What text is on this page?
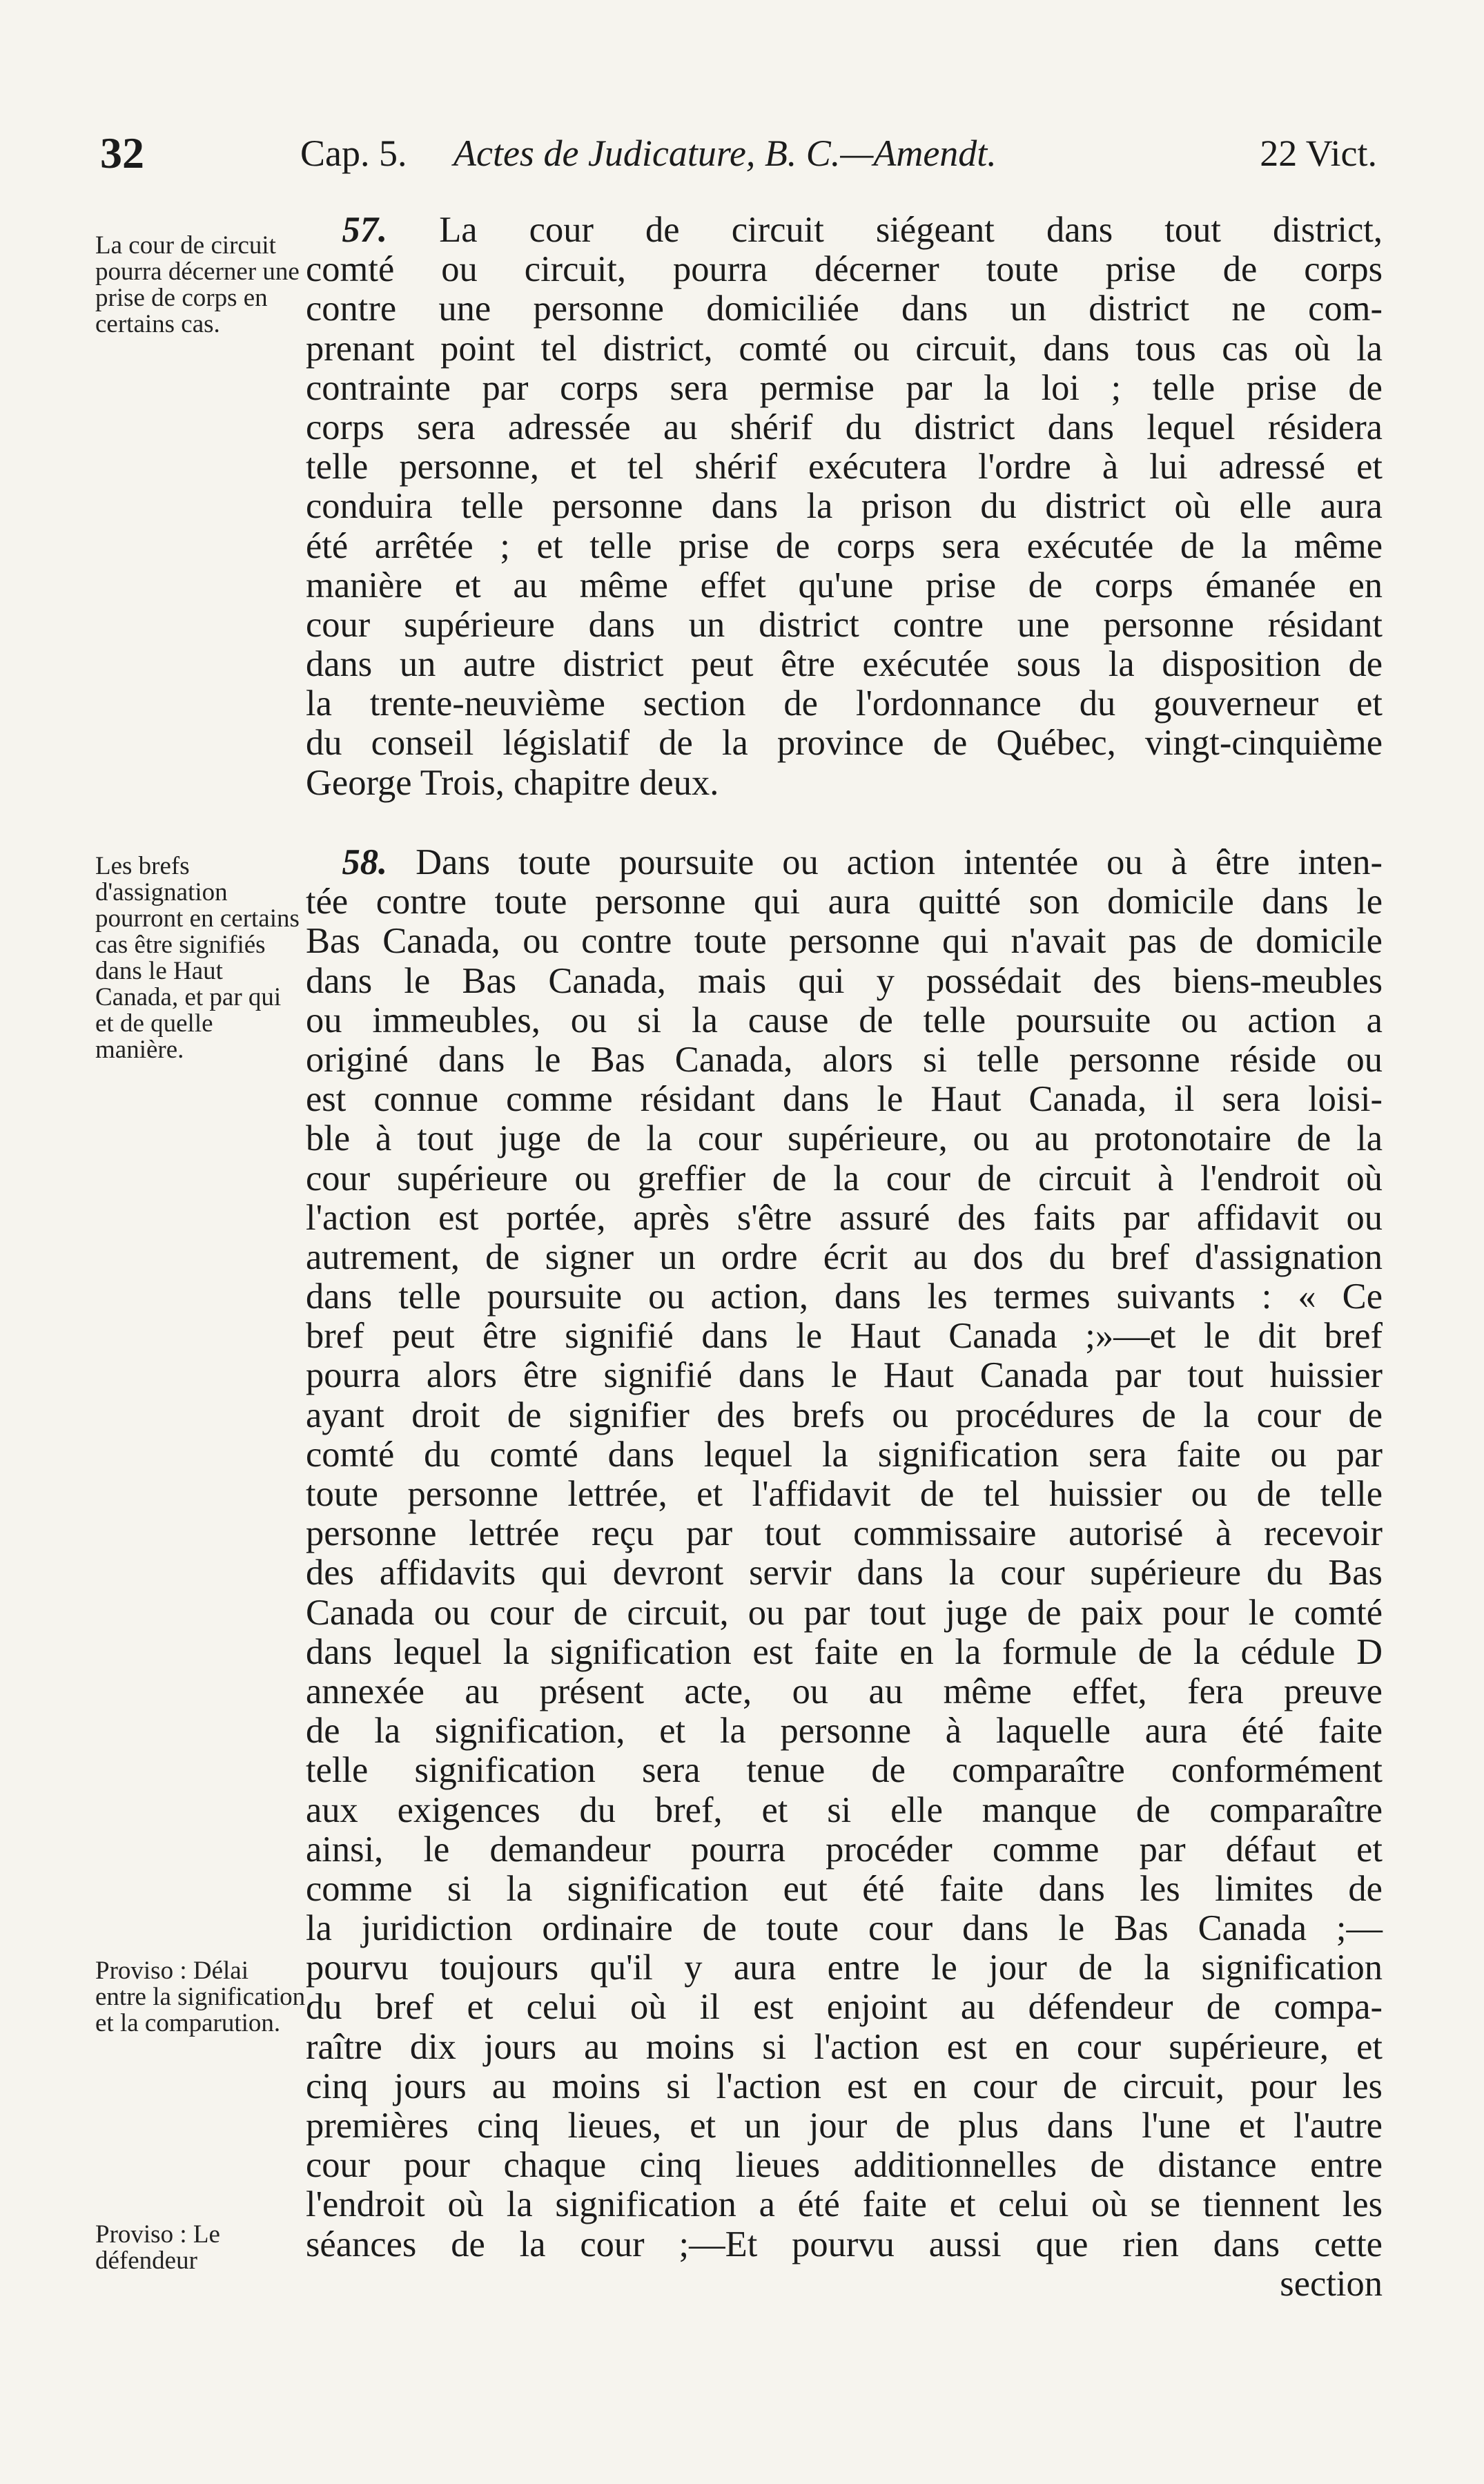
32	Cap. 5.     Actes de Judicature, B. C.—Amendt.	22 Vict.
La cour de circuit pourra décerner une prise de corps en certains cas.
 57. La cour de circuit siégeant dans tout district,
comté ou circuit, pourra décerner toute prise de corps
contre une personne domiciliée dans un district ne com-
prenant point tel district, comté ou circuit, dans tous cas où la
contrainte par corps sera permise par la loi ; telle prise de
corps sera adressée au shérif du district dans lequel résidera
telle personne, et tel shérif exécutera l'ordre à lui adressé et
conduira telle personne dans la prison du district où elle aura
été arrêtée ; et telle prise de corps sera exécutée de la même
manière et au même effet qu'une prise de corps émanée en
cour supérieure dans un district contre une personne résidant
dans un autre district peut être exécutée sous la disposition de
la trente-neuvième section de l'ordonnance du gouverneur et
du conseil législatif de la province de Québec, vingt-cinquième
George Trois, chapitre deux.
Les brefs d'assignation pourront en certains cas être signifiés dans le Haut Canada, et par qui et de quelle manière.
Proviso : Délai entre la signification et la comparution.
Proviso : Le défendeur
 58. Dans toute poursuite ou action intentée ou à être inten-
tée contre toute personne qui aura quitté son domicile dans le
Bas Canada, ou contre toute personne qui n'avait pas de domicile
dans le Bas Canada, mais qui y possédait des biens-meubles
ou immeubles, ou si la cause de telle poursuite ou action a
originé dans le Bas Canada, alors si telle personne réside ou
est connue comme résidant dans le Haut Canada, il sera loisi-
ble à tout juge de la cour supérieure, ou au protonotaire de la
cour supérieure ou greffier de la cour de circuit à l'endroit où
l'action est portée, après s'être assuré des faits par affidavit ou
autrement, de signer un ordre écrit au dos du bref d'assignation
dans telle poursuite ou action, dans les termes suivants : « Ce
bref peut être signifié dans le Haut Canada ;»—et le dit bref
pourra alors être signifié dans le Haut Canada par tout huissier
ayant droit de signifier des brefs ou procédures de la cour de
comté du comté dans lequel la signification sera faite ou par
toute personne lettrée, et l'affidavit de tel huissier ou de telle
personne lettrée reçu par tout commissaire autorisé à recevoir
des affidavits qui devront servir dans la cour supérieure du Bas
Canada ou cour de circuit, ou par tout juge de paix pour le comté
dans lequel la signification est faite en la formule de la cédule D
annexée au présent acte, ou au même effet, fera preuve
de la signification, et la personne à laquelle aura été faite
telle signification sera tenue de comparaître conformément
aux exigences du bref, et si elle manque de comparaître
ainsi, le demandeur pourra procéder comme par défaut et
comme si la signification eut été faite dans les limites de
la juridiction ordinaire de toute cour dans le Bas Canada ;—
pourvu toujours qu'il y aura entre le jour de la signification
du bref et celui où il est enjoint au défendeur de compa-
raître dix jours au moins si l'action est en cour supérieure, et
cinq jours au moins si l'action est en cour de circuit, pour les
premières cinq lieues, et un jour de plus dans l'une et l'autre
cour pour chaque cinq lieues additionnelles de distance entre
l'endroit où la signification a été faite et celui où se tiennent les
séances de la cour ;—Et pourvu aussi que rien dans cette
section
